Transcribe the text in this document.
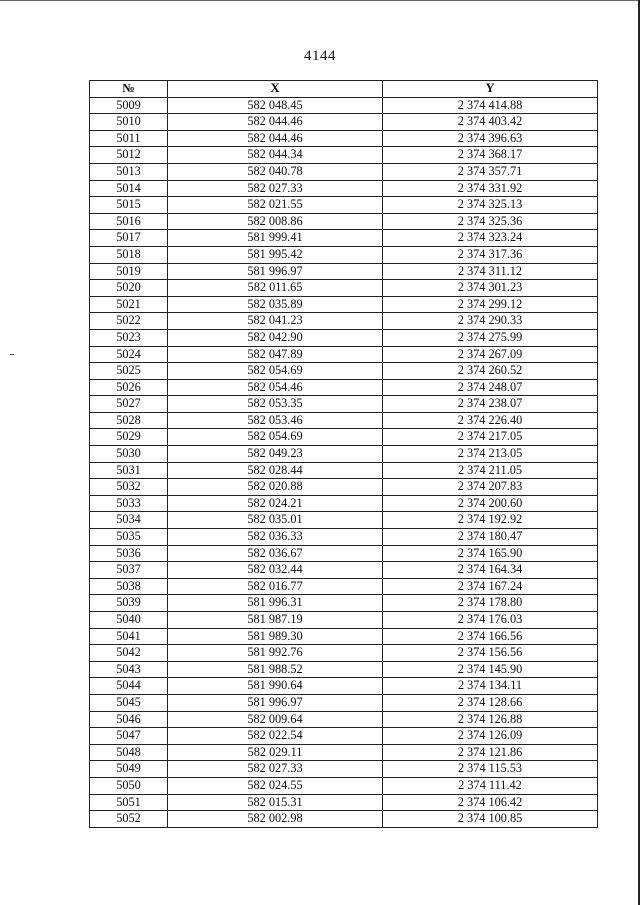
4144
№	X	Y
5009	582 048.45	2 374 414.88
5010	582 044.46	2 374 403.42
5011	582 044.46	2 374 396.63
5012	582 044.34	2 374 368.17
5013	582 040.78	2 374 357.71
5014	582 027.33	2 374 331.92
5015	582 021.55	2 374 325.13
5016	582 008.86	2 374 325.36
5017	581 999.41	2 374 323.24
5018	581 995.42	2 374 317.36
5019	581 996.97	2 374 311.12
5020	582 011.65	2 374 301.23
5021	582 035.89	2 374 299.12
5022	582 041.23	2 374 290.33
5023	582 042.90	2 374 275.99
5024	582 047.89	2 374 267.09
5025	582 054.69	2 374 260.52
5026	582 054.46	2 374 248.07
5027	582 053.35	2 374 238.07
5028	582 053.46	2 374 226.40
5029	582 054.69	2 374 217.05
5030	582 049.23	2 374 213.05
5031	582 028.44	2 374 211.05
5032	582 020.88	2 374 207.83
5033	582 024.21	2 374 200.60
5034	582 035.01	2 374 192.92
5035	582 036.33	2 374 180.47
5036	582 036.67	2 374 165.90
5037	582 032.44	2 374 164.34
5038	582 016.77	2 374 167.24
5039	581 996.31	2 374 178.80
5040	581 987.19	2 374 176.03
5041	581 989.30	2 374 166.56
5042	581 992.76	2 374 156.56
5043	581 988.52	2 374 145.90
5044	581 990.64	2 374 134.11
5045	581 996.97	2 374 128.66
5046	582 009.64	2 374 126.88
5047	582 022.54	2 374 126.09
5048	582 029.11	2 374 121.86
5049	582 027.33	2 374 115.53
5050	582 024.55	2 374 111.42
5051	582 015.31	2 374 106.42
5052	582 002.98	2 374 100.85
